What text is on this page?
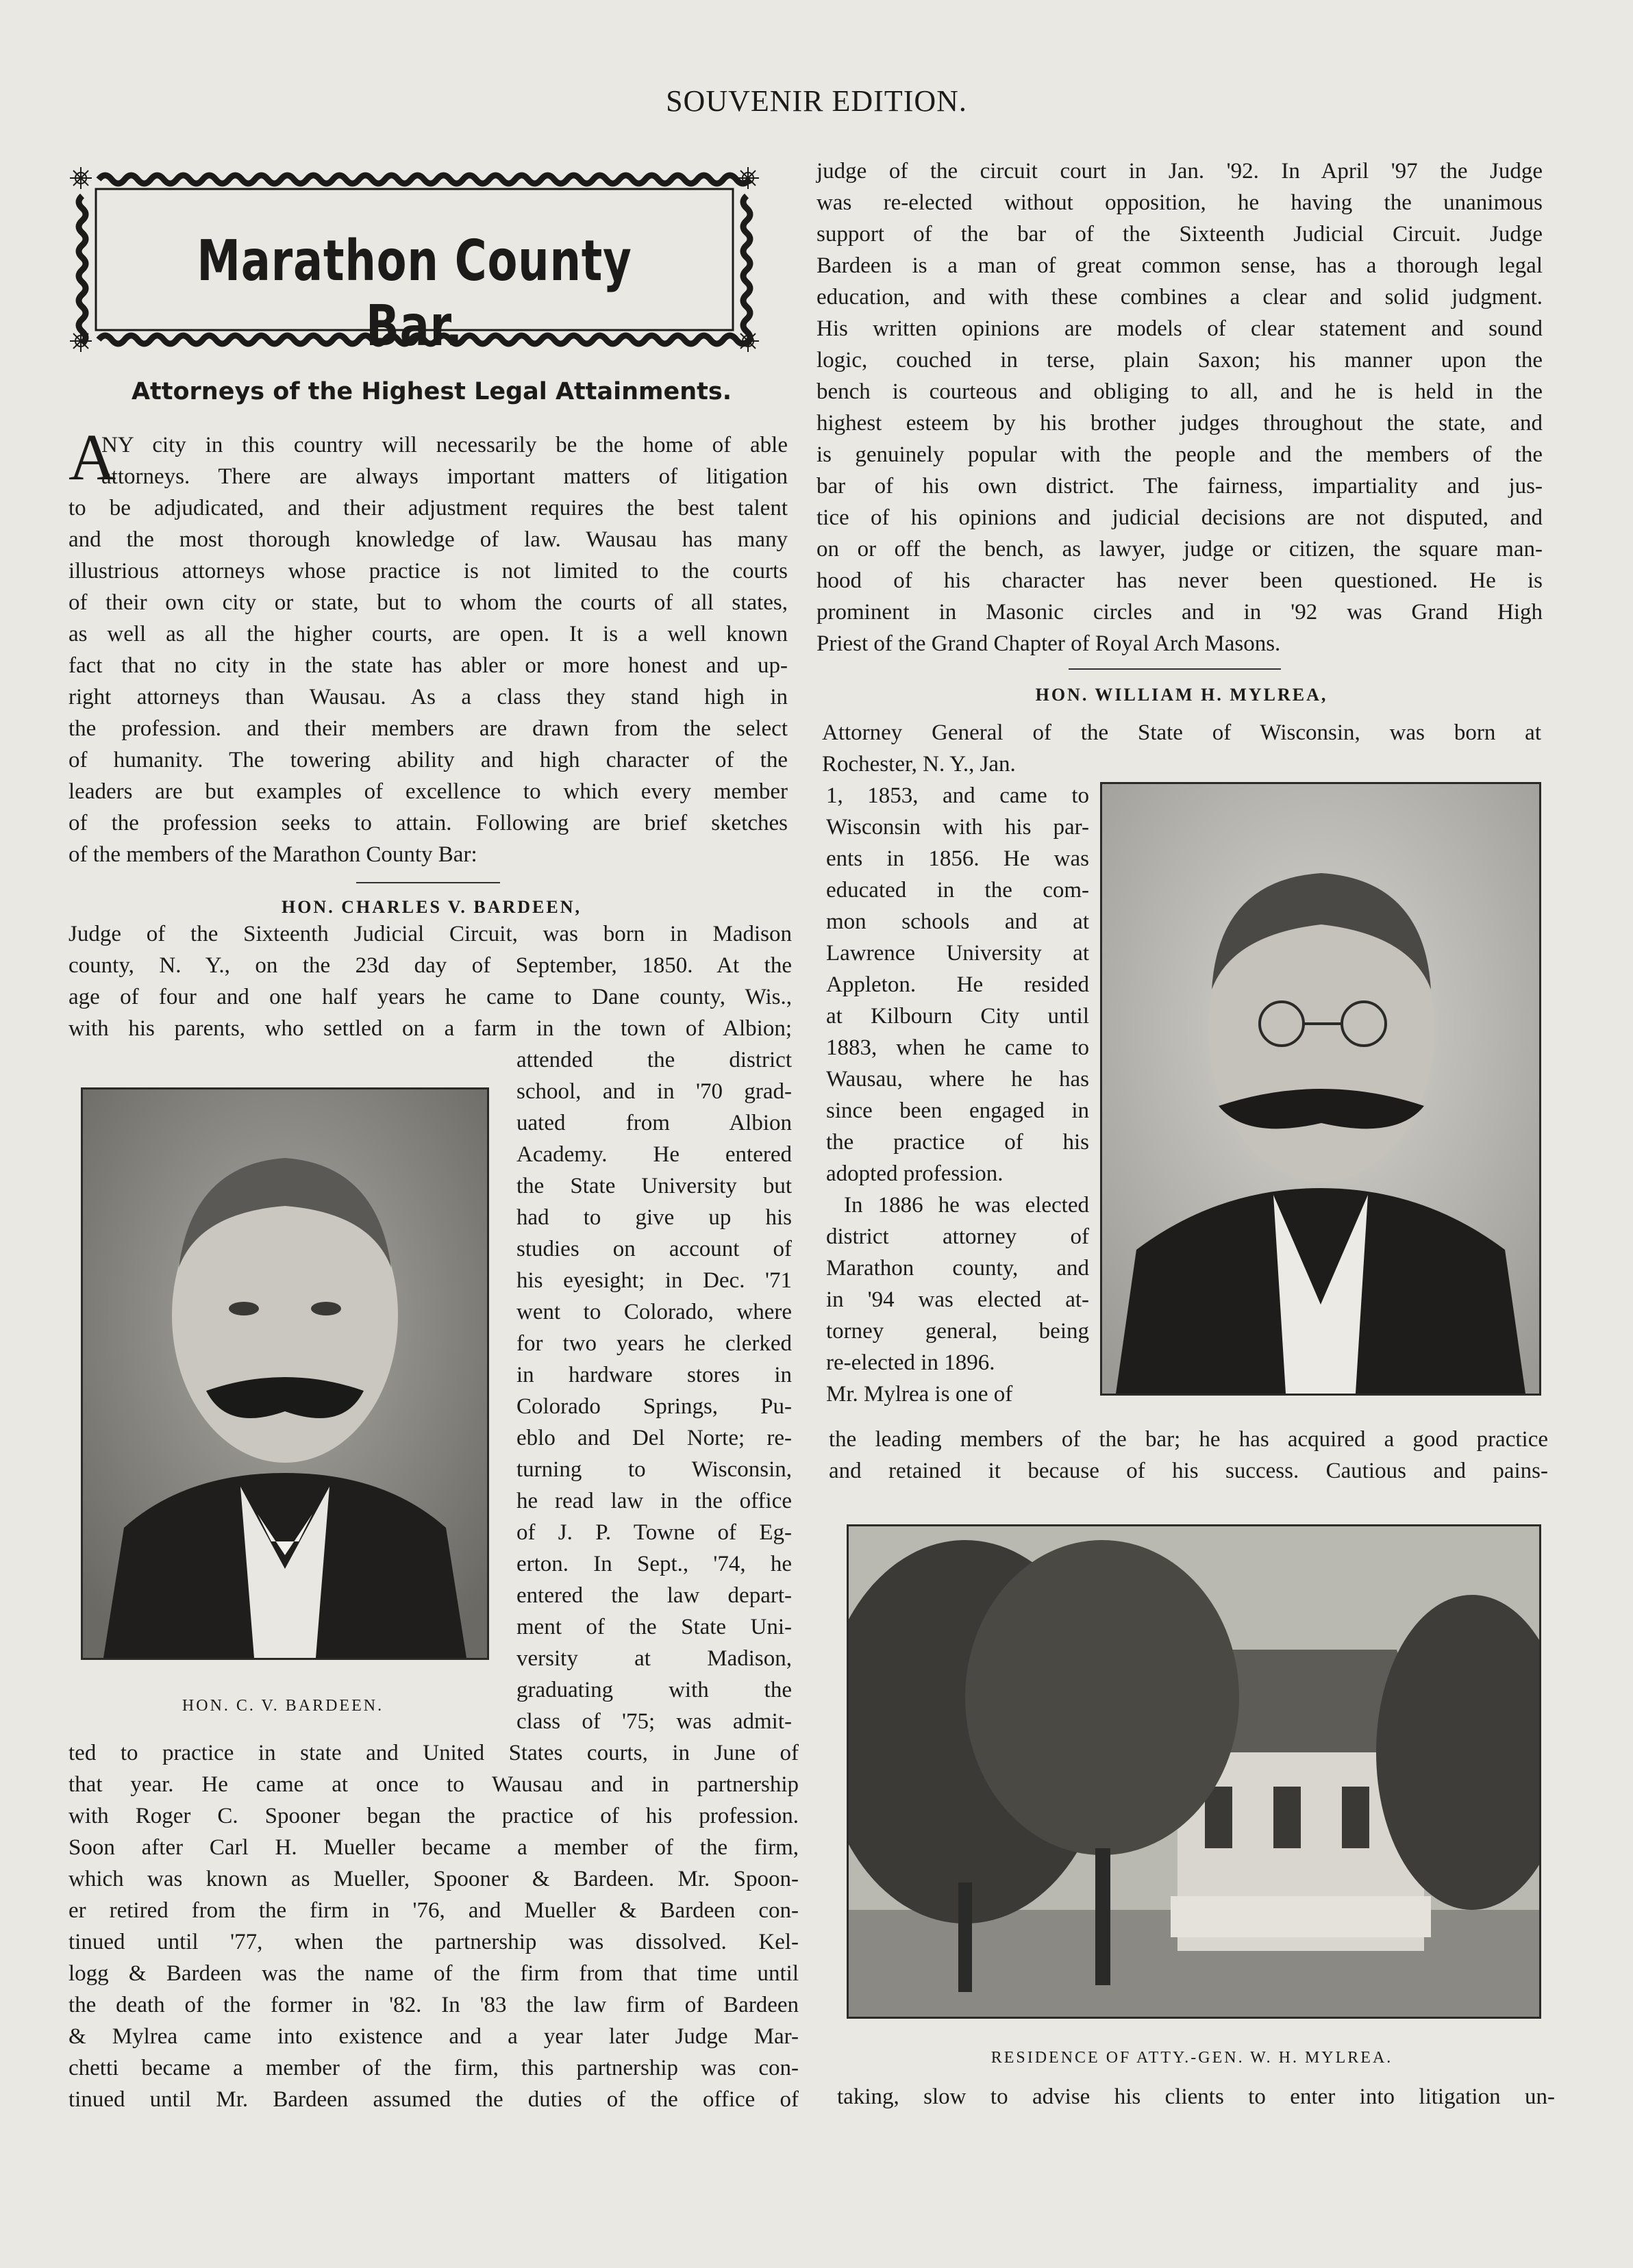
SOUVENIR EDITION.
Marathon County Bar.
Attorneys of the Highest Legal Attainments.
A
NY city in this country will necessarily be the home of able
attorneys. There are always important matters of litigation
to be adjudicated, and their adjustment requires the best talent
and the most thorough knowledge of law. Wausau has many
illustrious attorneys whose practice is not limited to the courts
of their own city or state, but to whom the courts of all states,
as well as all the higher courts, are open. It is a well known
fact that no city in the state has abler or more honest and up-
right attorneys than Wausau. As a class they stand high in
the profession. and their members are drawn from the select
of humanity. The towering ability and high character of the
leaders are but examples of excellence to which every member
of the profession seeks to attain. Following are brief sketches
of the members of the Marathon County Bar:
HON. CHARLES V. BARDEEN,
Judge of the Sixteenth Judicial Circuit, was born in Madison
county, N. Y., on the 23d day of September, 1850. At the
age of four and one half years he came to Dane county, Wis.,
with his parents, who settled on a farm in the town of Albion;
attended the district
school, and in '70 grad-
uated from Albion
Academy. He entered
the State University but
had to give up his
studies on account of
his eyesight; in Dec. '71
went to Colorado, where
for two years he clerked
in hardware stores in
Colorado Springs, Pu-
eblo and Del Norte; re-
turning to Wisconsin,
he read law in the office
of J. P. Towne of Eg-
erton. In Sept., '74, he
entered the law depart-
ment of the State Uni-
versity at Madison,
graduating with the
class of '75; was admit-
ted to practice in state and United States courts, in June of
that year. He came at once to Wausau and in partnership
with Roger C. Spooner began the practice of his profession.
Soon after Carl H. Mueller became a member of the firm,
which was known as Mueller, Spooner & Bardeen. Mr. Spoon-
er retired from the firm in '76, and Mueller & Bardeen con-
tinued until '77, when the partnership was dissolved. Kel-
logg & Bardeen was the name of the firm from that time until
the death of the former in '82. In '83 the law firm of Bardeen
& Mylrea came into existence and a year later Judge Mar-
chetti became a member of the firm, this partnership was con-
tinued until Mr. Bardeen assumed the duties of the office of
HON. C. V. BARDEEN.
judge of the circuit court in Jan. '92. In April '97 the Judge
was re-elected without opposition, he having the unanimous
support of the bar of the Sixteenth Judicial Circuit. Judge
Bardeen is a man of great common sense, has a thorough legal
education, and with these combines a clear and solid judgment.
His written opinions are models of clear statement and sound
logic, couched in terse, plain Saxon; his manner upon the
bench is courteous and obliging to all, and he is held in the
highest esteem by his brother judges throughout the state, and
is genuinely popular with the people and the members of the
bar of his own district. The fairness, impartiality and jus-
tice of his opinions and judicial decisions are not disputed, and
on or off the bench, as lawyer, judge or citizen, the square man-
hood of his character has never been questioned. He is
prominent in Masonic circles and in '92 was Grand High
Priest of the Grand Chapter of Royal Arch Masons.
HON. WILLIAM H. MYLREA,
Attorney General of the State of Wisconsin, was born at
Rochester, N. Y., Jan.
1, 1853, and came to
Wisconsin with his par-
ents in 1856. He was
educated in the com-
mon schools and at
Lawrence University at
Appleton. He resided
at Kilbourn City until
1883, when he came to
Wausau, where he has
since been engaged in
the practice of his
adopted profession.
In 1886 he was elected
district attorney of
Marathon county, and
in '94 was elected at-
torney general, being
re-elected in 1896.
Mr. Mylrea is one of
the leading members of the bar; he has acquired a good practice
and retained it because of his success. Cautious and pains-
RESIDENCE OF ATTY.-GEN. W. H. MYLREA.
taking, slow to advise his clients to enter into litigation un-
